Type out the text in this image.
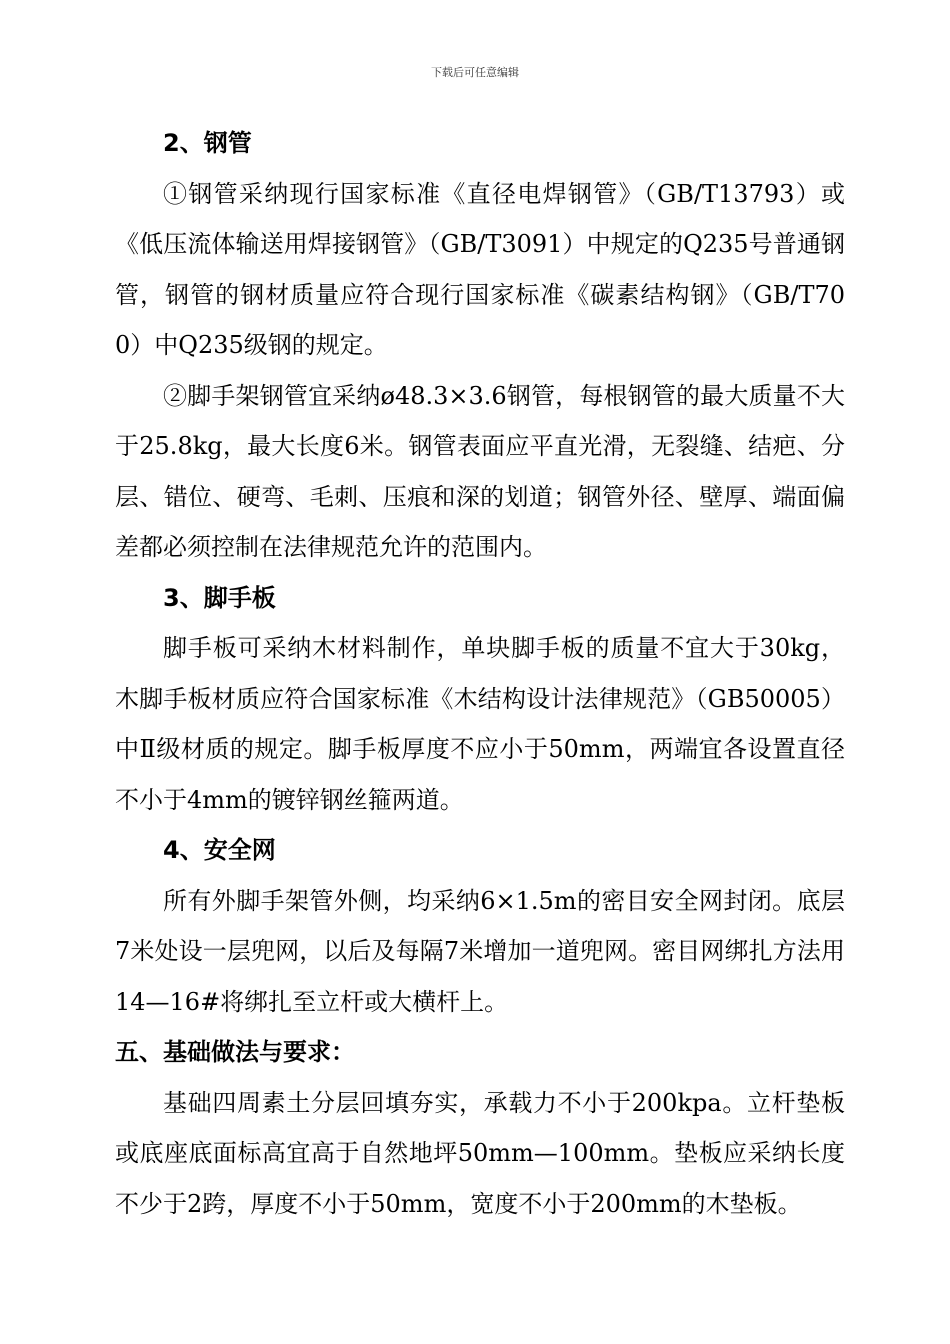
下载后可任意编辑

2、钢管

①钢管采纳现行国家标准《直径电焊钢管》（GB/T13793）或《低压流体输送用焊接钢管》（GB/T3091）中规定的Q235号普通钢管，钢管的钢材质量应符合现行国家标准《碳素结构钢》（GB/T700）中Q235级钢的规定。

②脚手架钢管宜采纳ø48.3×3.6钢管，每根钢管的最大质量不大于25.8kg，最大长度6米。钢管表面应平直光滑，无裂缝、结疤、分层、错位、硬弯、毛刺、压痕和深的划道；钢管外径、壁厚、端面偏差都必须控制在法律规范允许的范围内。

3、脚手板

脚手板可采纳木材料制作，单块脚手板的质量不宜大于30kg，木脚手板材质应符合国家标准《木结构设计法律规范》（GB50005）中Ⅱ级材质的规定。脚手板厚度不应小于50mm，两端宜各设置直径不小于4mm的镀锌钢丝箍两道。

4、安全网

所有外脚手架管外侧，均采纳6×1.5m的密目安全网封闭。底层7米处设一层兜网，以后及每隔7米增加一道兜网。密目网绑扎方法用14—16#将绑扎至立杆或大横杆上。

五、基础做法与要求：

基础四周素土分层回填夯实，承载力不小于200kpa。立杆垫板或底座底面标高宜高于自然地坪50mm—100mm。垫板应采纳长度不少于2跨，厚度不小于50mm，宽度不小于200mm的木垫板。
